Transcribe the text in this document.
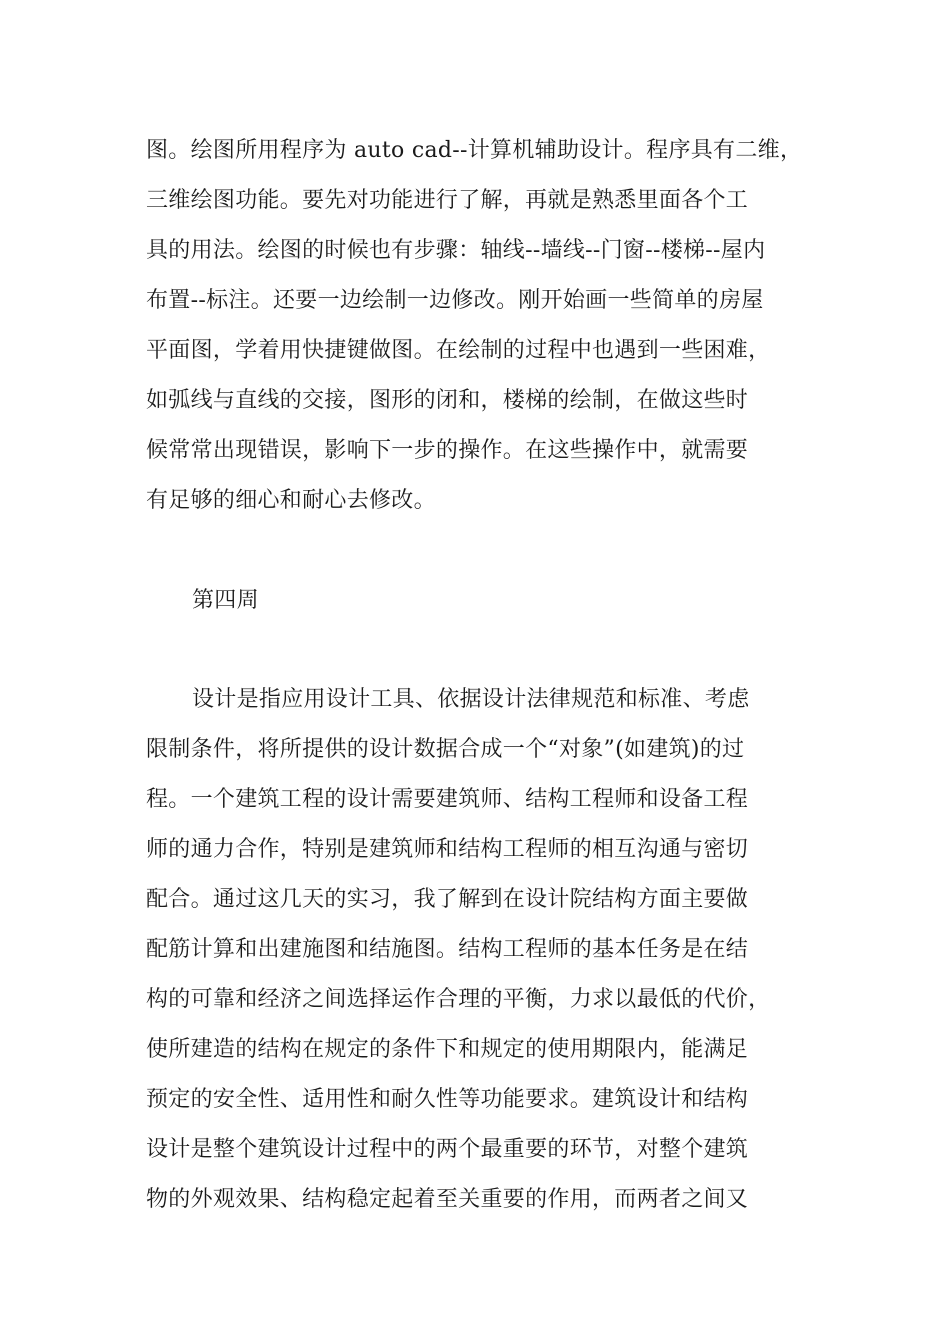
图。绘图所用程序为 auto cad--计算机辅助设计。程序具有二维，
三维绘图功能。要先对功能进行了解，再就是熟悉里面各个工
具的用法。绘图的时候也有步骤：轴线--墙线--门窗--楼梯--屋内
布置--标注。还要一边绘制一边修改。刚开始画一些简单的房屋
平面图，学着用快捷键做图。在绘制的过程中也遇到一些困难，
如弧线与直线的交接，图形的闭和，楼梯的绘制，在做这些时
候常常出现错误，影响下一步的操作。在这些操作中，就需要
有足够的细心和耐心去修改。
第四周
设计是指应用设计工具、依据设计法律规范和标准、考虑
限制条件，将所提供的设计数据合成一个“对象”(如建筑)的过
程。一个建筑工程的设计需要建筑师、结构工程师和设备工程
师的通力合作，特别是建筑师和结构工程师的相互沟通与密切
配合。通过这几天的实习，我了解到在设计院结构方面主要做
配筋计算和出建施图和结施图。结构工程师的基本任务是在结
构的可靠和经济之间选择运作合理的平衡，力求以最低的代价，
使所建造的结构在规定的条件下和规定的使用期限内，能满足
预定的安全性、适用性和耐久性等功能要求。建筑设计和结构
设计是整个建筑设计过程中的两个最重要的环节，对整个建筑
物的外观效果、结构稳定起着至关重要的作用，而两者之间又
